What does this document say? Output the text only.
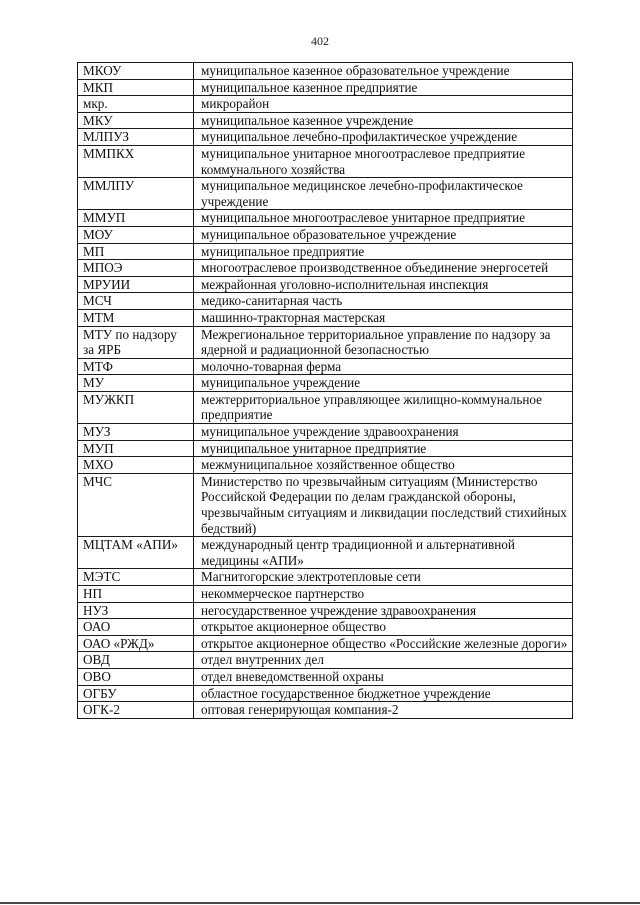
402
МКОУ	муниципальное казенное образовательное учреждение
МКП	муниципальное казенное предприятие
мкр.	микрорайон
МКУ	муниципальное казенное учреждение
МЛПУЗ	муниципальное лечебно-профилактическое учреждение
ММПКХ	муниципальное унитарное многоотраслевое предприятие коммунального хозяйства
ММЛПУ	муниципальное медицинское лечебно-профилактическое учреждение
ММУП	муниципальное многоотраслевое унитарное предприятие
МОУ	муниципальное образовательное учреждение
МП	муниципальное предприятие
МПОЭ	многоотраслевое производственное объединение энергосетей
МРУИИ	межрайонная уголовно-исполнительная инспекция
МСЧ	медико-санитарная часть
МТМ	машинно-тракторная мастерская
МТУ по надзору за ЯРБ	Межрегиональное территориальное управление по надзору за ядерной и радиационной безопасностью
МТФ	молочно-товарная ферма
МУ	муниципальное учреждение
МУЖКП	межтерриториальное управляющее жилищно-коммунальное предприятие
МУЗ	муниципальное учреждение здравоохранения
МУП	муниципальное унитарное предприятие
МХО	межмуниципальное хозяйственное общество
МЧС	Министерство по чрезвычайным ситуациям (Министерство Российской Федерации по делам гражданской обороны, чрезвычайным ситуациям и ликвидации последствий стихийных бедствий)
МЦТАМ «АПИ»	международный центр традиционной и альтернативной медицины «АПИ»
МЭТС	Магнитогорские электротепловые сети
НП	некоммерческое партнерство
НУЗ	негосударственное учреждение здравоохранения
ОАО	открытое акционерное общество
ОАО «РЖД»	открытое акционерное общество «Российские железные дороги»
ОВД	отдел внутренних дел
ОВО	отдел вневедомственной охраны
ОГБУ	областное государственное бюджетное учреждение
ОГК-2	оптовая генерирующая компания-2
